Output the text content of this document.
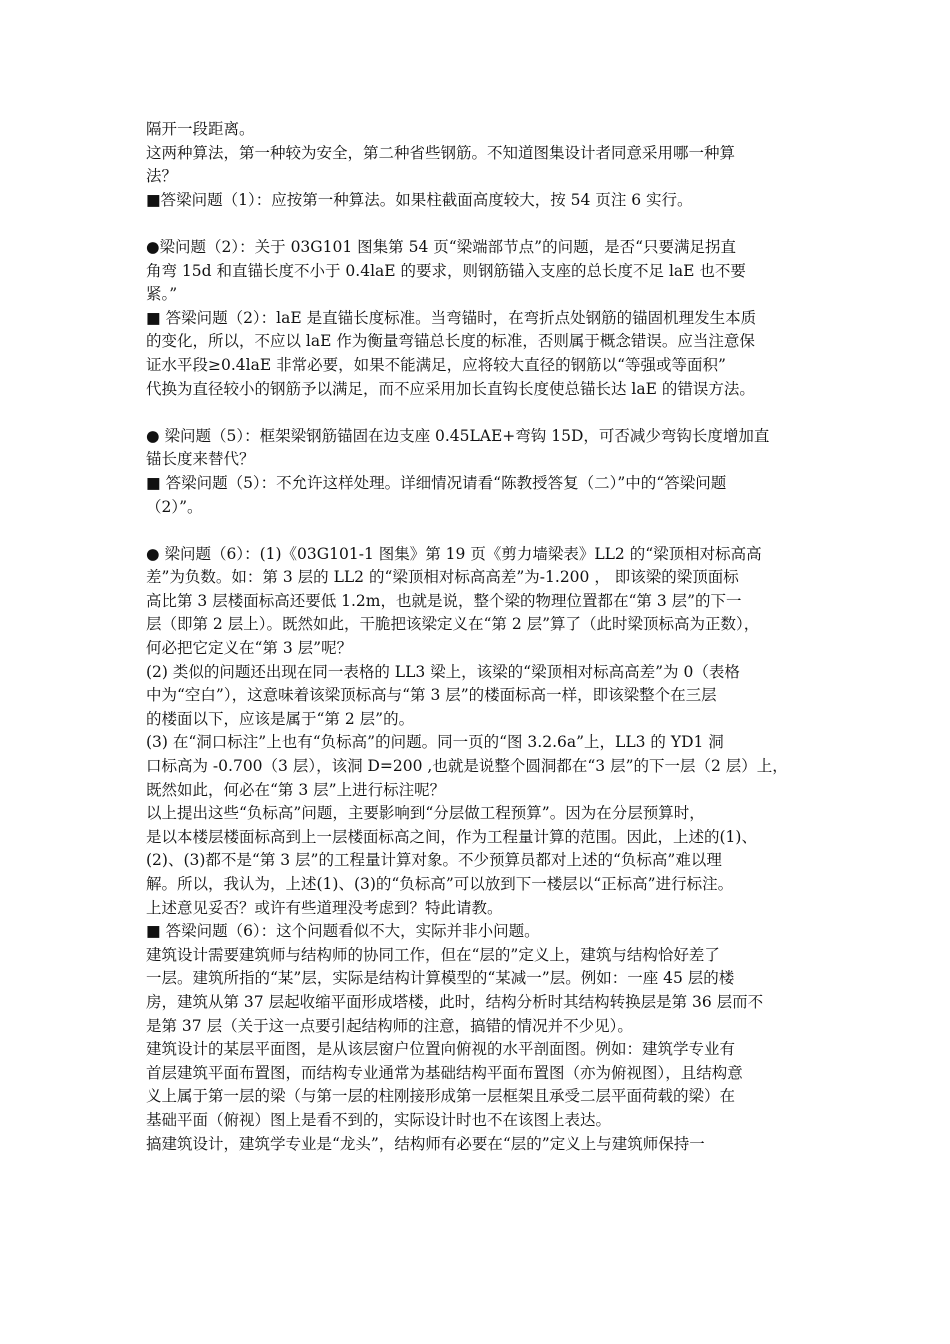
隔开一段距离。
这两种算法，第一种较为安全，第二种省些钢筋。不知道图集设计者同意采用哪一种算
法？
■答梁问题（1）：应按第一种算法。如果柱截面高度较大，按 54 页注 6 实行。
●梁问题（2）：关于 03G101 图集第 54 页“梁端部节点”的问题，是否“只要满足拐直
角弯 15d 和直锚长度不小于 0.4laE 的要求，则钢筋锚入支座的总长度不足 laE 也不要
紧。”
■ 答梁问题（2）：laE 是直锚长度标准。当弯锚时，在弯折点处钢筋的锚固机理发生本质
的变化，所以，不应以 laE 作为衡量弯锚总长度的标准，否则属于概念错误。应当注意保
证水平段≥0.4laE 非常必要，如果不能满足，应将较大直径的钢筋以“等强或等面积”
代换为直径较小的钢筋予以满足，而不应采用加长直钩长度使总锚长达 laE 的错误方法。
● 梁问题（5）：框架梁钢筋锚固在边支座 0.45LAE+弯钩 15D，可否减少弯钩长度增加直
锚长度来替代？
■ 答梁问题（5）：不允许这样处理。详细情况请看“陈教授答复（二）”中的“答梁问题
（2）”。
● 梁问题（6）：(1)《03G101-1 图集》第 19 页《剪力墙梁表》LL2 的“梁顶相对标高高
差”为负数。如：第 3 层的 LL2 的“梁顶相对标高高差”为-1.200 ， 即该梁的梁顶面标
高比第 3 层楼面标高还要低 1.2m，也就是说，整个梁的物理位置都在“第 3 层”的下一
层（即第 2 层上）。既然如此，干脆把该梁定义在“第 2 层”算了（此时梁顶标高为正数），
何必把它定义在“第 3 层”呢？
(2) 类似的问题还出现在同一表格的 LL3 梁上，该梁的“梁顶相对标高高差”为 0（表格
中为“空白”），这意味着该梁顶标高与“第 3 层”的楼面标高一样，即该梁整个在三层
的楼面以下，应该是属于“第 2 层”的。
(3) 在“洞口标注”上也有“负标高”的问题。同一页的“图 3.2.6a”上，LL3 的 YD1 洞
口标高为 -0.700（3 层），该洞 D=200 ,也就是说整个圆洞都在“3 层”的下一层（2 层）上，
既然如此，何必在“第 3 层”上进行标注呢？
以上提出这些“负标高”问题，主要影响到“分层做工程预算”。因为在分层预算时，
是以本楼层楼面标高到上一层楼面标高之间，作为工程量计算的范围。因此，上述的(1)、
(2)、(3)都不是“第 3 层”的工程量计算对象。不少预算员都对上述的“负标高”难以理
解。所以，我认为，上述(1)、(3)的“负标高”可以放到下一楼层以“正标高”进行标注。
上述意见妥否？或许有些道理没考虑到？特此请教。
■ 答梁问题（6）：这个问题看似不大，实际并非小问题。
建筑设计需要建筑师与结构师的协同工作，但在“层的”定义上，建筑与结构恰好差了
一层。建筑所指的“某”层，实际是结构计算模型的“某减一”层。例如：一座 45 层的楼
房，建筑从第 37 层起收缩平面形成塔楼，此时，结构分析时其结构转换层是第 36 层而不
是第 37 层（关于这一点要引起结构师的注意，搞错的情况并不少见）。
建筑设计的某层平面图，是从该层窗户位置向俯视的水平剖面图。例如：建筑学专业有
首层建筑平面布置图，而结构专业通常为基础结构平面布置图（亦为俯视图），且结构意
义上属于第一层的梁（与第一层的柱刚接形成第一层框架且承受二层平面荷载的梁）在
基础平面（俯视）图上是看不到的，实际设计时也不在该图上表达。
搞建筑设计，建筑学专业是“龙头”，结构师有必要在“层的”定义上与建筑师保持一
